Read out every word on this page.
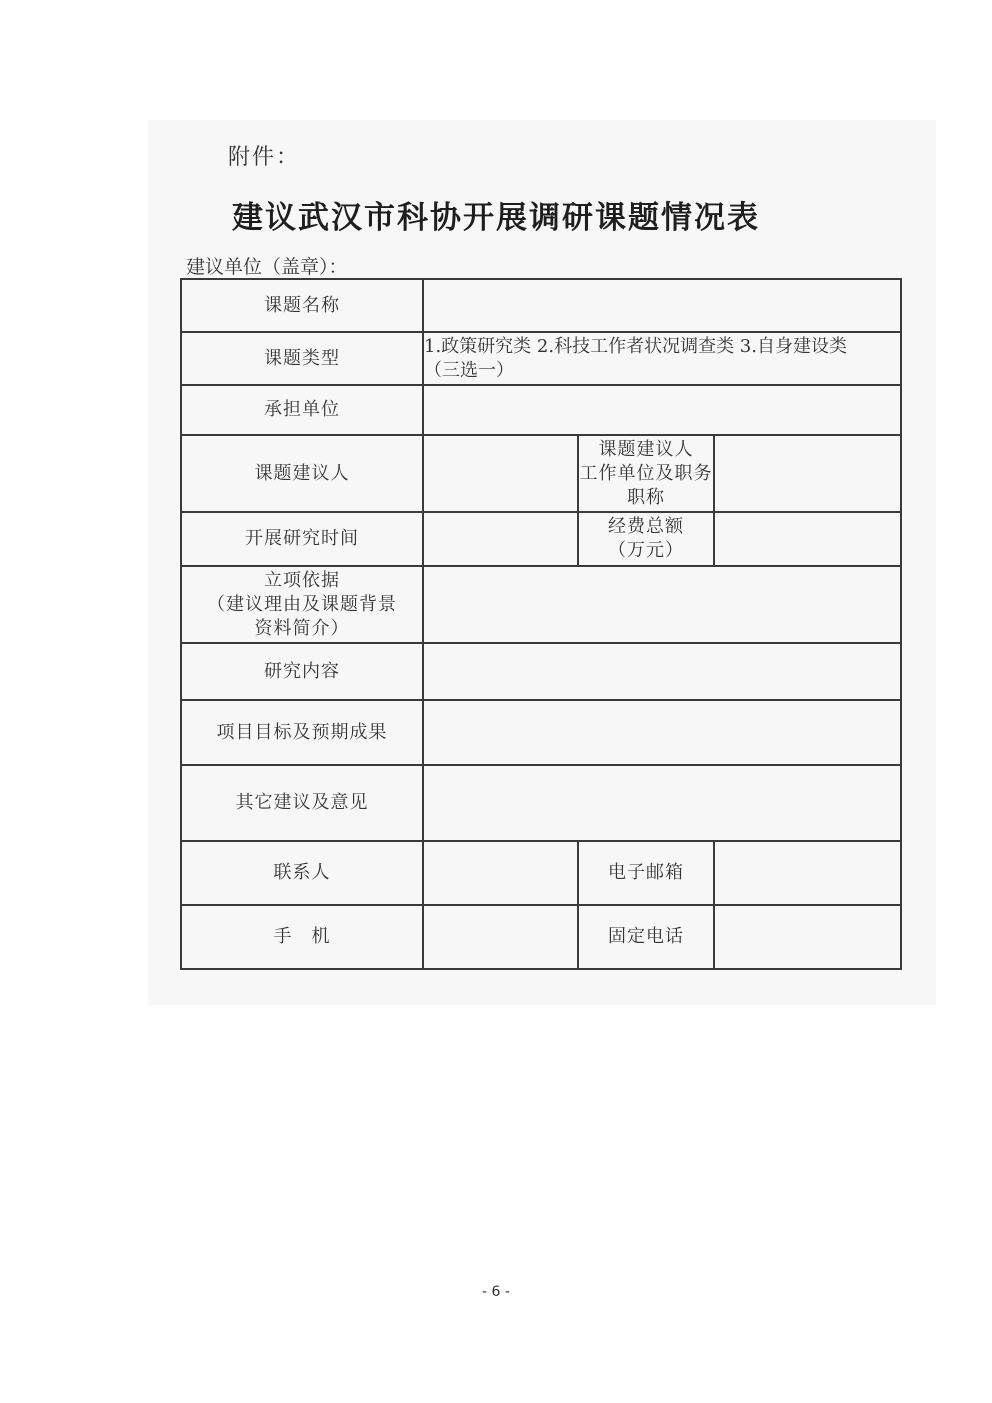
附件：
建议武汉市科协开展调研课题情况表
建议单位（盖章）：
课题名称			
课题类型	1.政策研究类 2.科技工作者状况调查类 3.自身建设类
（三选一）		

承担单位			
课题建议人		课题建议人
工作单位及职务
职称	

开展研究时间		经费总额
（万元）	

立项依据
（建议理由及课题背景
资料简介）			

研究内容			
项目目标及预期成果			
其它建议及意见			
联系人		电子邮箱	
手　机		固定电话	
- 6 -
